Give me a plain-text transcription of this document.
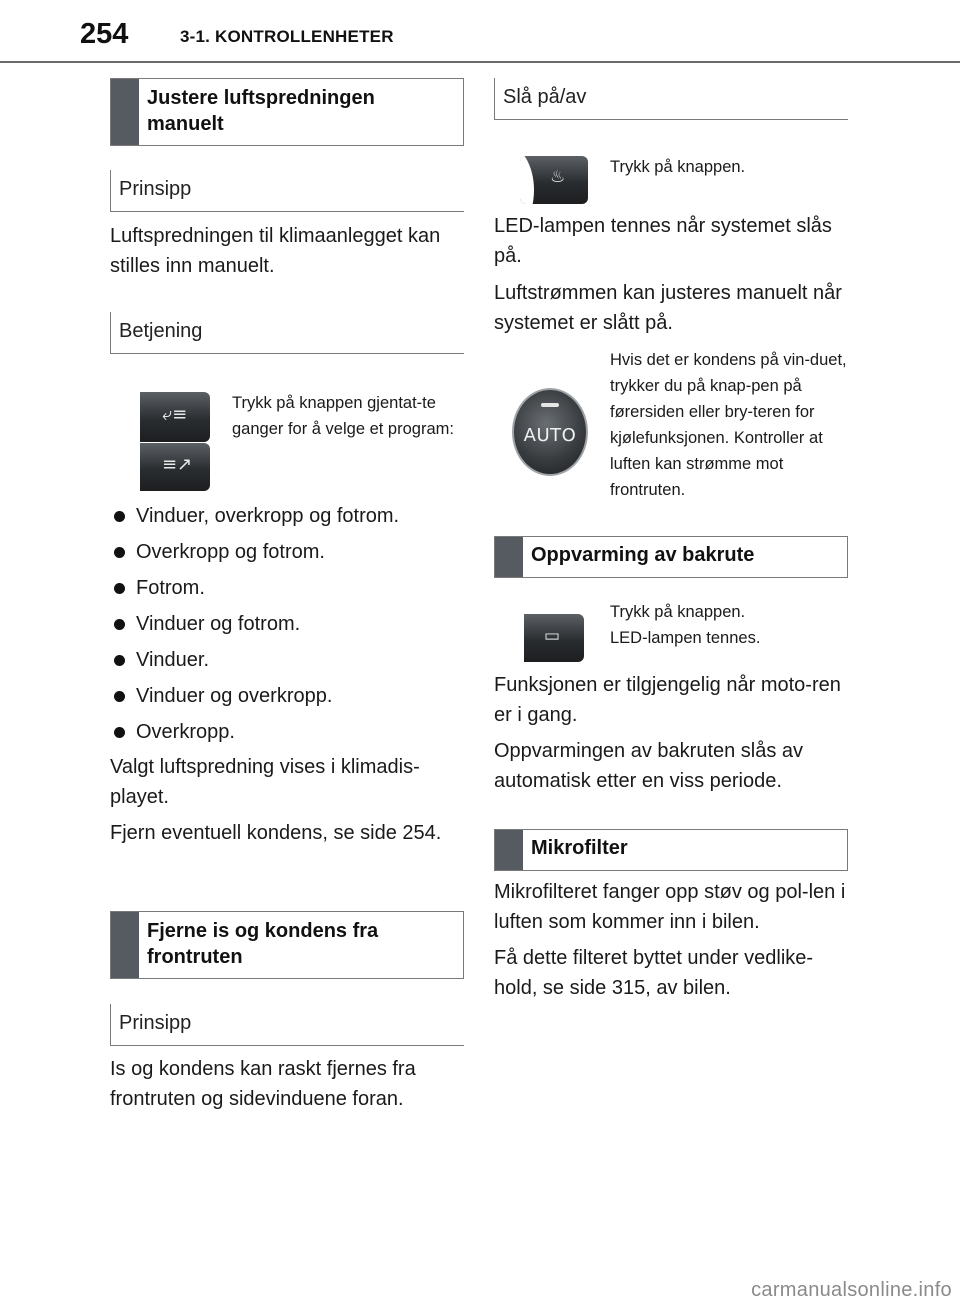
254	3-1. KONTROLLENHETER
Justere luftspredningen manuelt
Prinsipp

Luftspredningen til klimaanlegget kan stilles inn manuelt.

Betjening
⤶≡
≡↗

Trykk på knappen gjentat-te ganger for å velge et program:

Vinduer, overkropp og fotrom.
Overkropp og fotrom.
Fotrom.
Vinduer og fotrom.
Vinduer.
Vinduer og overkropp.
Overkropp.

Valgt luftspredning vises i klimadis-playet.

Fjern eventuell kondens, se side 254.

Fjerne is og kondens fra frontruten
Prinsipp

Is og kondens kan raskt fjernes fra frontruten og sidevinduene foran.

Slå på/av
♨	Trykk på knappen.

LED-lampen tennes når systemet slås på.

Luftstrømmen kan justeres manuelt når systemet er slått på.

AUTO

Hvis det er kondens på vin-duet, trykker du på knap-pen på førersiden eller bry-teren for kjølefunksjonen. Kontroller at luften kan strømme mot frontruten.

Oppvarming av bakrute
▭

Trykk på knappen.

LED-lampen tennes.

Funksjonen er tilgjengelig når moto-ren er i gang.

Oppvarmingen av bakruten slås av automatisk etter en viss periode.

Mikrofilter

Mikrofilteret fanger opp støv og pol-len i luften som kommer inn i bilen.

Få dette filteret byttet under vedlike-hold, se side 315, av bilen.

carmanualsonline.info
